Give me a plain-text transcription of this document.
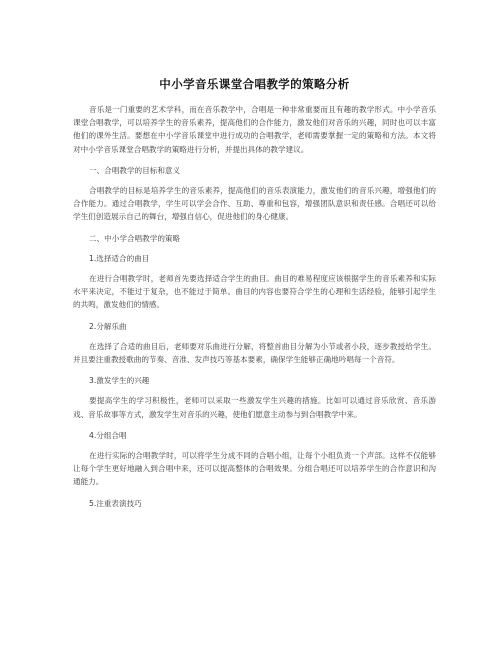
中小学音乐课堂合唱教学的策略分析

音乐是一门重要的艺术学科，而在音乐教学中，合唱是一种非常重要而且有趣的教学形式。中小学音乐课堂合唱教学，可以培养学生的音乐素养，提高他们的合作能力，激发他们对音乐的兴趣，同时也可以丰富他们的课外生活。要想在中小学音乐课堂中进行成功的合唱教学，老师需要掌握一定的策略和方法。本文将对中小学音乐课堂合唱教学的策略进行分析，并提出具体的教学建议。

一、合唱教学的目标和意义

合唱教学的目标是培养学生的音乐素养，提高他们的音乐表演能力，激发他们的音乐兴趣，增强他们的合作能力。通过合唱教学，学生可以学会合作、互助、尊重和包容，增强团队意识和责任感。合唱还可以给学生们创造展示自己的舞台，增强自信心，促进他们的身心健康。

二、中小学合唱教学的策略

1.选择适合的曲目

在进行合唱教学时，老师首先要选择适合学生的曲目。曲目的难易程度应该根据学生的音乐素养和实际水平来决定，不能过于复杂，也不能过于简单。曲目的内容也要符合学生的心理和生活经验，能够引起学生的共鸣，激发他们的情感。

2.分解乐曲

在选择了合适的曲目后，老师要对乐曲进行分解，将整首曲目分解为小节或者小段，逐步教授给学生。并且要注重教授歌曲的节奏、音准、发声技巧等基本要素，确保学生能够正确地吟唱每一个音符。

3.激发学生的兴趣

要提高学生的学习积极性，老师可以采取一些激发学生兴趣的措施。比如可以通过音乐欣赏、音乐游戏、音乐故事等方式，激发学生对音乐的兴趣，使他们愿意主动参与到合唱教学中来。

4.分组合唱

在进行实际的合唱教学时，可以将学生分成不同的合唱小组，让每个小组负责一个声部。这样不仅能够让每个学生更好地融入到合唱中来，还可以提高整体的合唱效果。分组合唱还可以培养学生的合作意识和沟通能力。

5.注重表演技巧
